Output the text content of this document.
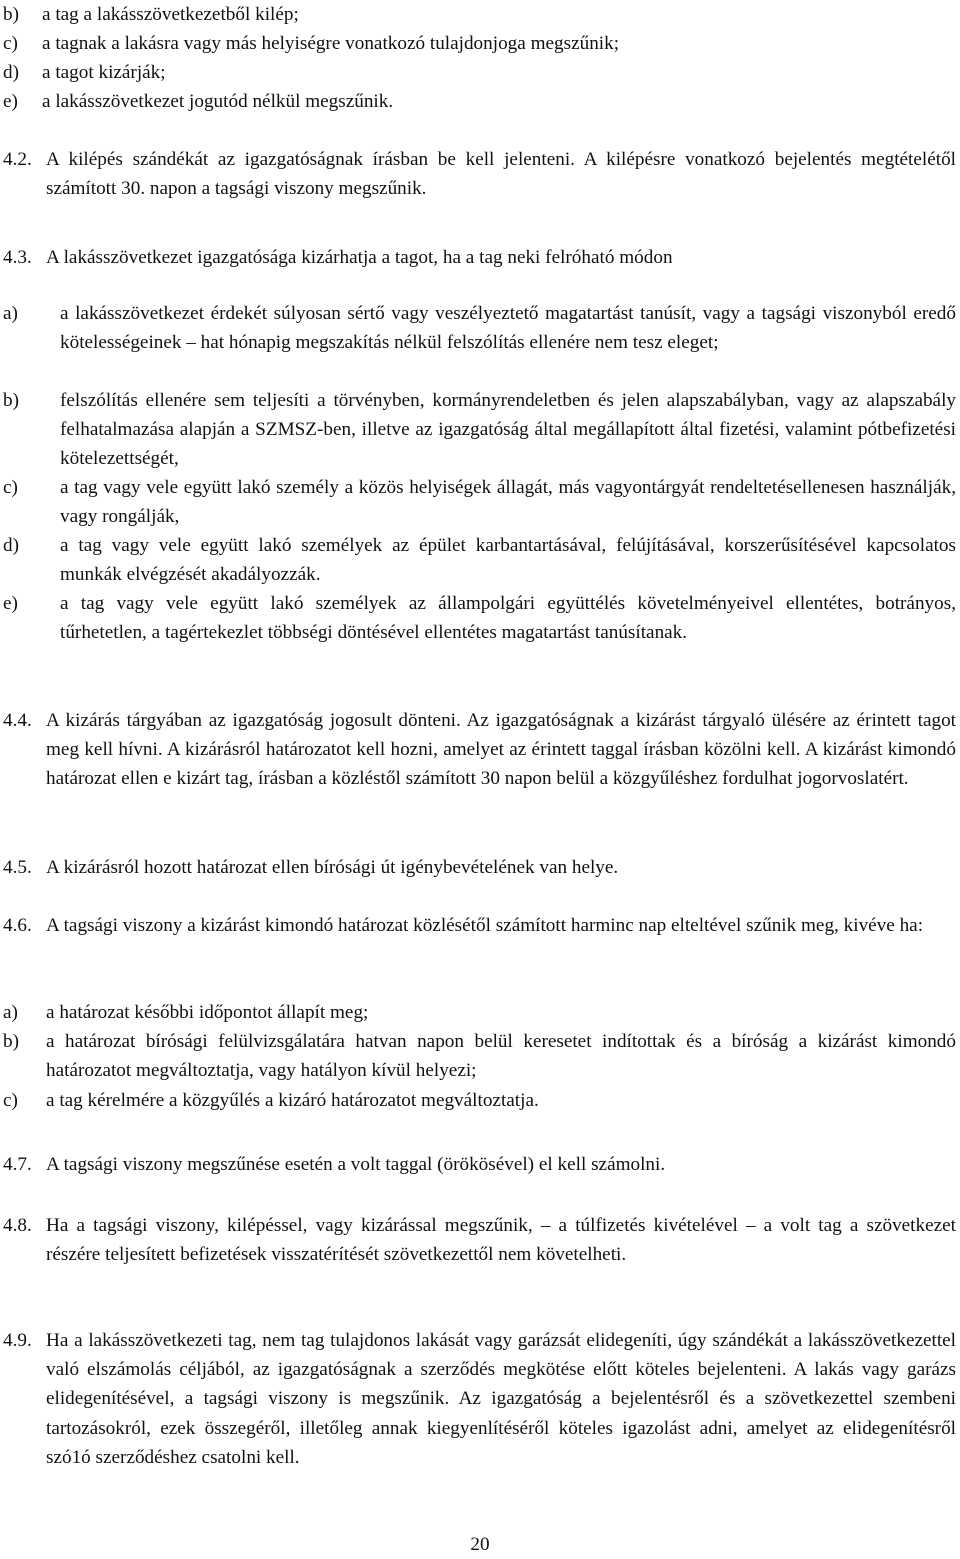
b) a tag a lakásszövetkezetből kilép;
c) a tagnak a lakásra vagy más helyiségre vonatkozó tulajdonjoga megszűnik;
d) a tagot kizárják;
e) a lakásszövetkezet jogutód nélkül megszűnik.
4.2. A kilépés szándékát az igazgatóságnak írásban be kell jelenteni. A kilépésre vonatkozó bejelentés megtételétől számított 30. napon a tagsági viszony megszűnik.
4.3. A lakásszövetkezet igazgatósága kizárhatja a tagot, ha a tag neki felróható módon
a) a lakásszövetkezet érdekét súlyosan sértő vagy veszélyeztető magatartást tanúsít, vagy a tagsági viszonyból eredő kötelességeinek – hat hónapig megszakítás nélkül felszólítás ellenére nem tesz eleget;
b) felszólítás ellenére sem teljesíti a törvényben, kormányrendeletben és jelen alapszabályban, vagy az alapszabály felhatalmazása alapján a SZMSZ-ben, illetve az igazgatóság által megállapított által fizetési, valamint pótbefizetési kötelezettségét,
c) a tag vagy vele együtt lakó személy a közös helyiségek állagát, más vagyontárgyát rendeltetésellenesen használják, vagy rongálják,
d) a tag vagy vele együtt lakó személyek az épület karbantartásával, felújításával, korszerűsítésével kapcsolatos munkák elvégzését akadályozzák.
e) a tag vagy vele együtt lakó személyek az állampolgári együttélés követelményeivel ellentétes, botrányos, tűrhetetlen, a tagértekezlet többségi döntésével ellentétes magatartást tanúsítanak.
4.4. A kizárás tárgyában az igazgatóság jogosult dönteni. Az igazgatóságnak a kizárást tárgyaló ülésére az érintett tagot meg kell hívni. A kizárásról határozatot kell hozni, amelyet az érintett taggal írásban közölni kell. A kizárást kimondó határozat ellen e kizárt tag, írásban a közléstől számított 30 napon belül a közgyűléshez fordulhat jogorvoslatért.
4.5. A kizárásról hozott határozat ellen bírósági út igénybevételének van helye.
4.6. A tagsági viszony a kizárást kimondó határozat közlésétől számított harminc nap elteltével szűnik meg, kivéve ha:
a) a határozat későbbi időpontot állapít meg;
b) a határozat bírósági felülvizsgálatára hatvan napon belül keresetet indítottak és a bíróság a kizárást kimondó határozatot megváltoztatja, vagy hatályon kívül helyezi;
c) a tag kérelmére a közgyűlés a kizáró határozatot megváltoztatja.
4.7. A tagsági viszony megszűnése esetén a volt taggal (örökösével) el kell számolni.
4.8. Ha a tagsági viszony, kilépéssel, vagy kizárással megszűnik, – a túlfizetés kivételével – a volt tag a szövetkezet részére teljesített befizetések visszatérítését szövetkezettől nem követelheti.
4.9. Ha a lakásszövetkezeti tag, nem tag tulajdonos lakását vagy garázsát elidegeníti, úgy szándékát a lakásszövetkezettel való elszámolás céljából, az igazgatóságnak a szerződés megkötése előtt köteles bejelenteni. A lakás vagy garázs elidegenítésével, a tagsági viszony is megszűnik. Az igazgatóság a bejelentésről és a szövetkezettel szembeni tartozásokról, ezek összegéről, illetőleg annak kiegyenlítéséről köteles igazolást adni, amelyet az elidegenítésről szó1ó szerződéshez csatolni kell.
20
